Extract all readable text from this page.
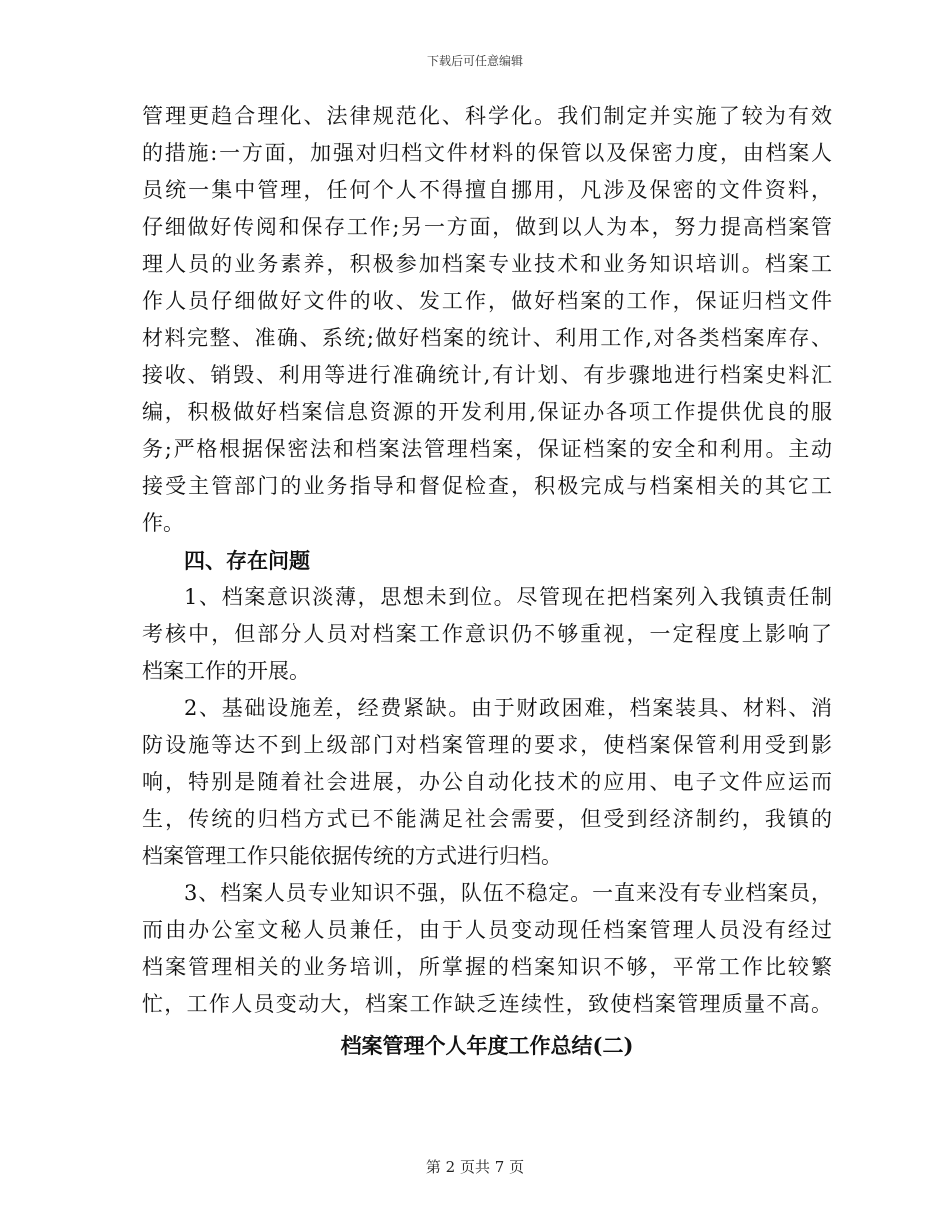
下载后可任意编辑
管理更趋合理化、法律规范化、科学化。我们制定并实施了较为有效
的措施:一方面，加强对归档文件材料的保管以及保密力度，由档案人
员统一集中管理，任何个人不得擅自挪用，凡涉及保密的文件资料，
仔细做好传阅和保存工作;另一方面，做到以人为本，努力提高档案管
理人员的业务素养，积极参加档案专业技术和业务知识培训。档案工
作人员仔细做好文件的收、发工作，做好档案的工作，保证归档文件
材料完整、准确、系统;做好档案的统计、利用工作,对各类档案库存、
接收、销毁、利用等进行准确统计,有计划、有步骤地进行档案史料汇
编，积极做好档案信息资源的开发利用,保证办各项工作提供优良的服
务;严格根据保密法和档案法管理档案，保证档案的安全和利用。主动
接受主管部门的业务指导和督促检查，积极完成与档案相关的其它工
作。
四、存在问题
1、档案意识淡薄，思想未到位。尽管现在把档案列入我镇责任制
考核中，但部分人员对档案工作意识仍不够重视，一定程度上影响了
档案工作的开展。
2、基础设施差，经费紧缺。由于财政困难，档案装具、材料、消
防设施等达不到上级部门对档案管理的要求，使档案保管利用受到影
响，特别是随着社会进展，办公自动化技术的应用、电子文件应运而
生，传统的归档方式已不能满足社会需要，但受到经济制约，我镇的
档案管理工作只能依据传统的方式进行归档。
3、档案人员专业知识不强，队伍不稳定。一直来没有专业档案员，
而由办公室文秘人员兼任，由于人员变动现任档案管理人员没有经过
档案管理相关的业务培训，所掌握的档案知识不够，平常工作比较繁
忙，工作人员变动大，档案工作缺乏连续性，致使档案管理质量不高。
档案管理个人年度工作总结(二)
第 2 页共 7 页
